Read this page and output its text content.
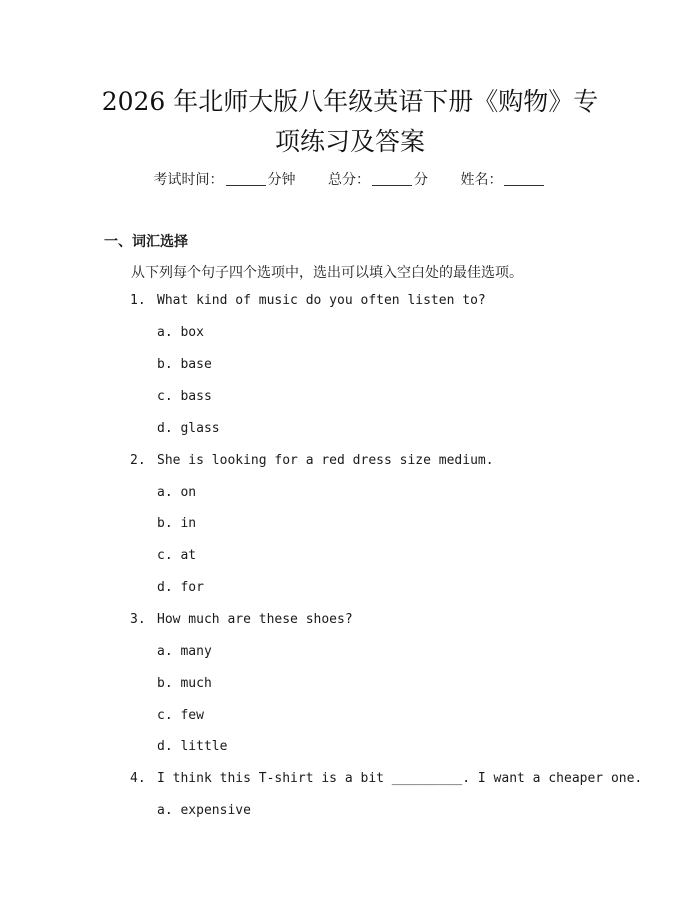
2026 年北师大版八年级英语下册《购物》专
项练习及答案
考试时间：	分钟 总分：	分 姓名：
一、词汇选择
从下列每个句子四个选项中，选出可以填入空白处的最佳选项。
1. What kind of music do you often listen to?
a. box
b. base
c. bass
d. glass
2. She is looking for a red dress size medium.
a. on
b. in
c. at
d. for
3. How much are these shoes?
a. many
b. much
c. few
d. little
4. I think this T-shirt is a bit _________. I want a cheaper one.
a. expensive
